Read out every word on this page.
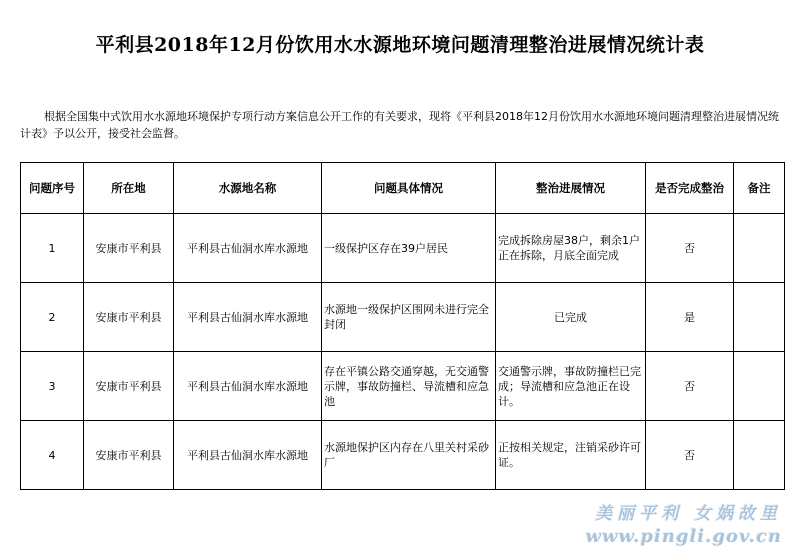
平利县2018年12月份饮用水水源地环境问题清理整治进展情况统计表
根据全国集中式饮用水水源地环境保护专项行动方案信息公开工作的有关要求，现将《平利县2018年12月份饮用水水源地环境问题清理整治进展情况统计表》予以公开，接受社会监督。
问题序号	所在地	水源地名称	问题具体情况	整治进展情况	是否完成整治	备注
1	安康市平利县	平利县古仙洞水库水源地	一级保护区存在39户居民	完成拆除房屋38户，剩余1户正在拆除，月底全面完成	否	
2	安康市平利县	平利县古仙洞水库水源地	水源地一级保护区围网未进行完全封闭	已完成	是	
3	安康市平利县	平利县古仙洞水库水源地	存在平镇公路交通穿越，无交通警示牌，事故防撞栏、导流槽和应急池	交通警示牌，事故防撞栏已完成；导流槽和应急池正在设计。	否	
4	安康市平利县	平利县古仙洞水库水源地	水源地保护区内存在八里关村采砂厂	正按相关规定，注销采砂许可证。	否	
美丽平利 女娲故里
www.pingli.gov.cn
